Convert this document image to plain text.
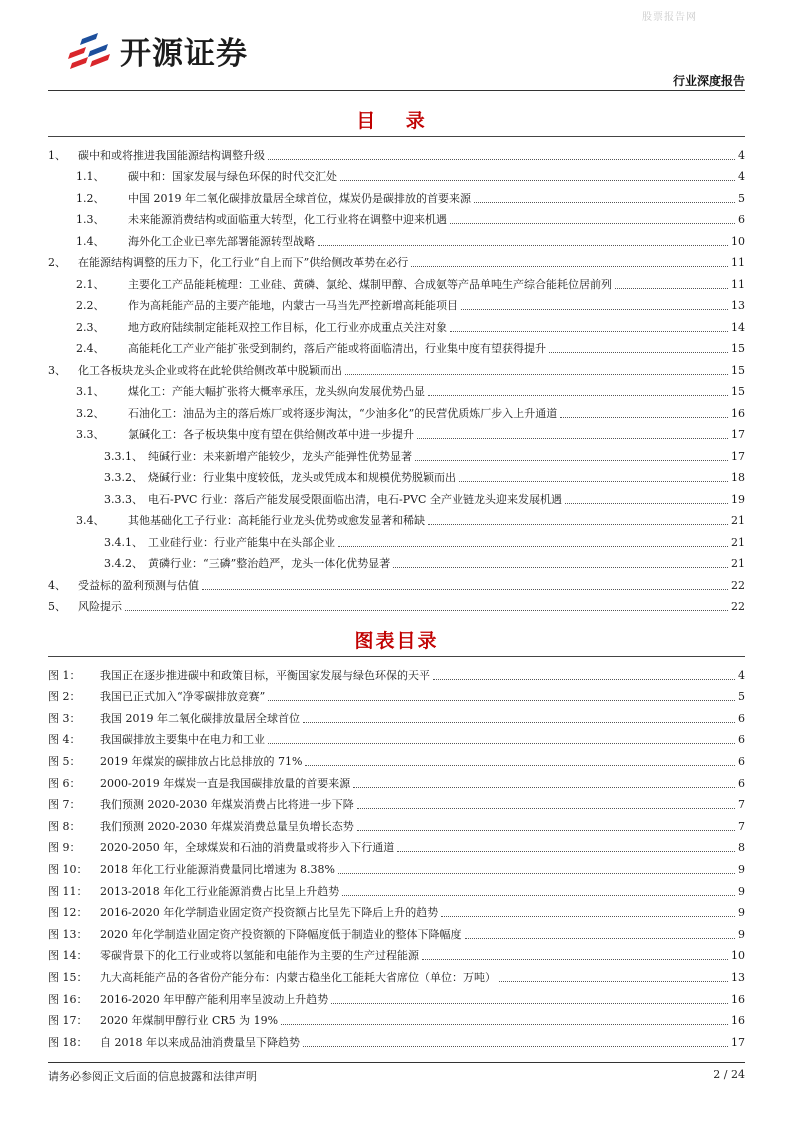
股票报告网
开源证券
行业深度报告
目 录
1、	碳中和或将推进我国能源结构调整升级	4
1.1、	碳中和：国家发展与绿色环保的时代交汇处	4
1.2、	中国 2019 年二氧化碳排放量居全球首位，煤炭仍是碳排放的首要来源	5
1.3、	未来能源消费结构或面临重大转型，化工行业将在调整中迎来机遇	6
1.4、	海外化工企业已率先部署能源转型战略	10
2、	在能源结构调整的压力下，化工行业“自上而下”供给侧改革势在必行	11
2.1、	主要化工产品能耗梳理：工业硅、黄磷、氯纶、煤制甲醇、合成氨等产品单吨生产综合能耗位居前列	11
2.2、	作为高耗能产品的主要产能地，内蒙古一马当先严控新增高耗能项目	13
2.3、	地方政府陆续制定能耗双控工作目标，化工行业亦成重点关注对象	14
2.4、	高能耗化工产业产能扩张受到制约，落后产能或将面临清出，行业集中度有望获得提升	15
3、	化工各板块龙头企业或将在此轮供给侧改革中脱颖而出	15
3.1、	煤化工：产能大幅扩张将大概率承压，龙头纵向发展优势凸显	15
3.2、	石油化工：油品为主的落后炼厂或将逐步淘汰，“少油多化”的民营优质炼厂步入上升通道	16
3.3、	氯碱化工：各子板块集中度有望在供给侧改革中进一步提升	17
3.3.1、 纯碱行业：未来新增产能较少，龙头产能弹性优势显著	17
3.3.2、 烧碱行业：行业集中度较低，龙头或凭成本和规模优势脱颖而出	18
3.3.3、 电石-PVC 行业：落后产能发展受限面临出清，电石-PVC 全产业链龙头迎来发展机遇	19
3.4、	其他基础化工子行业：高耗能行业龙头优势或愈发显著和稀缺	21
3.4.1、 工业硅行业：行业产能集中在头部企业	21
3.4.2、 黄磷行业：“三磷”整治趋严，龙头一体化优势显著	21
4、	受益标的盈利预测与估值	22
5、	风险提示	22
图表目录
图 1：	我国正在逐步推进碳中和政策目标，平衡国家发展与绿色环保的天平	4
图 2：	我国已正式加入“净零碳排放竞赛”	5
图 3：	我国 2019 年二氧化碳排放量居全球首位	6
图 4：	我国碳排放主要集中在电力和工业	6
图 5：	2019 年煤炭的碳排放占比总排放的 71%	6
图 6：	2000-2019 年煤炭一直是我国碳排放量的首要来源	6
图 7：	我们预测 2020-2030 年煤炭消费占比将进一步下降	7
图 8：	我们预测 2020-2030 年煤炭消费总量呈负增长态势	7
图 9：	2020-2050 年，全球煤炭和石油的消费量或将步入下行通道	8
图 10：	2018 年化工行业能源消费量同比增速为 8.38%	9
图 11：	2013-2018 年化工行业能源消费占比呈上升趋势	9
图 12：	2016-2020 年化学制造业固定资产投资额占比呈先下降后上升的趋势	9
图 13：	2020 年化学制造业固定资产投资额的下降幅度低于制造业的整体下降幅度	9
图 14：	零碳背景下的化工行业或将以氢能和电能作为主要的生产过程能源	10
图 15：	九大高耗能产品的各省份产能分布：内蒙古稳坐化工能耗大省席位（单位：万吨）	13
图 16：	2016-2020 年甲醇产能利用率呈波动上升趋势	16
图 17：	2020 年煤制甲醇行业 CR5 为 19%	16
图 18：	自 2018 年以来成品油消费量呈下降趋势	17
请务必参阅正文后面的信息披露和法律声明	2 / 24
